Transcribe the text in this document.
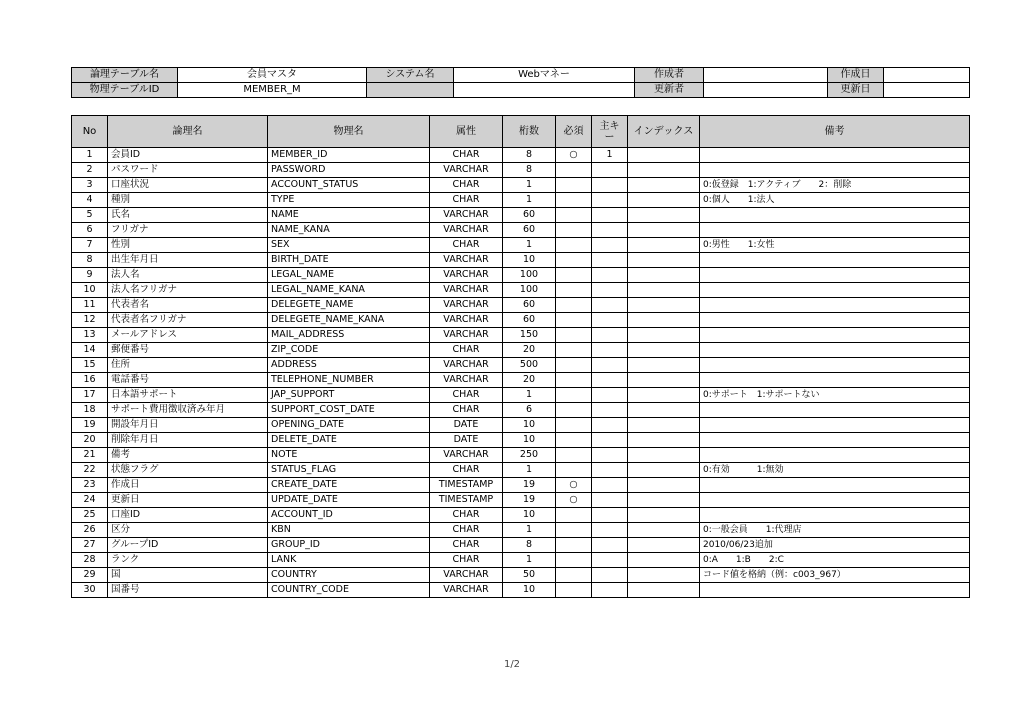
論理テーブル名	会員マスタ	システム名	Webマネー	作成者		作成日	
物理テーブルID	MEMBER_M			更新者		更新日	
No	論理名	物理名	属性	桁数	必須	主キー	インデックス	備考
1	会員ID	MEMBER_ID	CHAR	8	○	1		
2	パスワード	PASSWORD	VARCHAR	8				
3	口座状況	ACCOUNT_STATUS	CHAR	1				0:仮登録　1:アクティブ　　2：削除
4	種別	TYPE	CHAR	1				0:個人　　1:法人
5	氏名	NAME	VARCHAR	60				
6	フリガナ	NAME_KANA	VARCHAR	60				
7	性別	SEX	CHAR	1				0:男性　　1:女性
8	出生年月日	BIRTH_DATE	VARCHAR	10				
9	法人名	LEGAL_NAME	VARCHAR	100				
10	法人名フリガナ	LEGAL_NAME_KANA	VARCHAR	100				
11	代表者名	DELEGETE_NAME	VARCHAR	60				
12	代表者名フリガナ	DELEGETE_NAME_KANA	VARCHAR	60				
13	メールアドレス	MAIL_ADDRESS	VARCHAR	150				
14	郵便番号	ZIP_CODE	CHAR	20				
15	住所	ADDRESS	VARCHAR	500				
16	電話番号	TELEPHONE_NUMBER	VARCHAR	20				
17	日本語サポート	JAP_SUPPORT	CHAR	1				0:サポート　1:サポートない
18	サポート費用徴収済み年月	SUPPORT_COST_DATE	CHAR	6				
19	開設年月日	OPENING_DATE	DATE	10				
20	削除年月日	DELETE_DATE	DATE	10				
21	備考	NOTE	VARCHAR	250				
22	状態フラグ	STATUS_FLAG	CHAR	1				0:有効　　　1:無効
23	作成日	CREATE_DATE	TIMESTAMP	19	○			
24	更新日	UPDATE_DATE	TIMESTAMP	19	○			
25	口座ID	ACCOUNT_ID	CHAR	10				
26	区分	KBN	CHAR	1				0:一般会員　　1:代理店
27	グループID	GROUP_ID	CHAR	8				2010/06/23追加
28	ランク	LANK	CHAR	1				0:A　　1:B　　2:C
29	国	COUNTRY	VARCHAR	50				コード値を格納（例：c003_967）
30	国番号	COUNTRY_CODE	VARCHAR	10				
1/2
